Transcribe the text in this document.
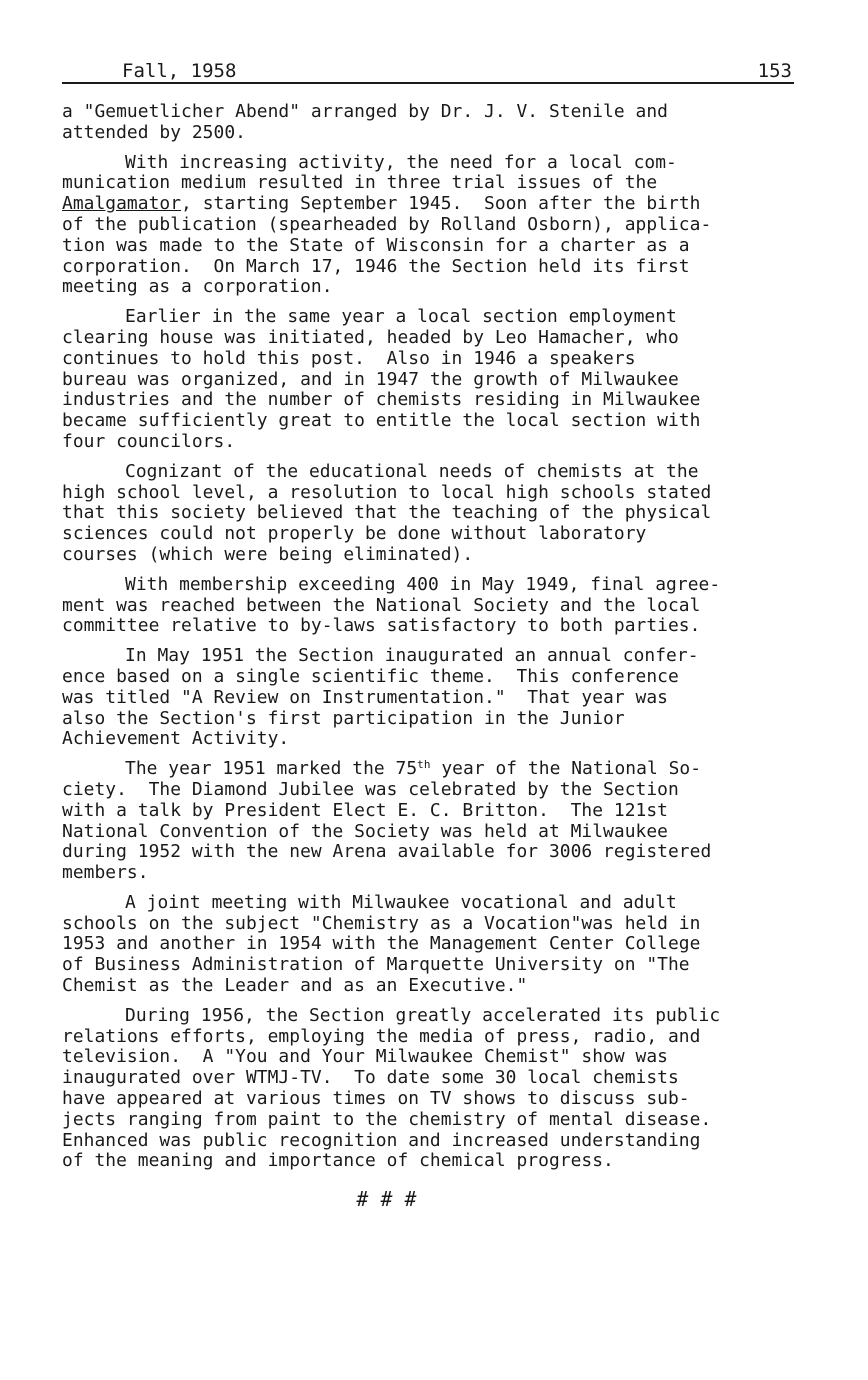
Fall, 1958	153
a "Gemuetlicher Abend" arranged by Dr. J. V. Stenile and
attended by 2500.
With increasing activity, the need for a local com-
munication medium resulted in three trial issues of the
Amalgamator, starting September 1945.  Soon after the birth
of the publication (spearheaded by Rolland Osborn), applica-
tion was made to the State of Wisconsin for a charter as a
corporation.  On March 17, 1946 the Section held its first
meeting as a corporation.
Earlier in the same year a local section employment
clearing house was initiated, headed by Leo Hamacher, who
continues to hold this post.  Also in 1946 a speakers
bureau was organized, and in 1947 the growth of Milwaukee
industries and the number of chemists residing in Milwaukee
became sufficiently great to entitle the local section with
four councilors.
Cognizant of the educational needs of chemists at the
high school level, a resolution to local high schools stated
that this society believed that the teaching of the physical
sciences could not properly be done without laboratory
courses (which were being eliminated).
With membership exceeding 400 in May 1949, final agree-
ment was reached between the National Society and the local
committee relative to by-laws satisfactory to both parties.
In May 1951 the Section inaugurated an annual confer-
ence based on a single scientific theme.  This conference
was titled "A Review on Instrumentation."  That year was
also the Section's first participation in the Junior
Achievement Activity.
The year 1951 marked the 75th year of the National So-
ciety.  The Diamond Jubilee was celebrated by the Section
with a talk by President Elect E. C. Britton.  The 121st
National Convention of the Society was held at Milwaukee
during 1952 with the new Arena available for 3006 registered
members.
A joint meeting with Milwaukee vocational and adult
schools on the subject "Chemistry as a Vocation"was held in
1953 and another in 1954 with the Management Center College
of Business Administration of Marquette University on "The
Chemist as the Leader and as an Executive."
During 1956, the Section greatly accelerated its public
relations efforts, employing the media of press, radio, and
television.  A "You and Your Milwaukee Chemist" show was
inaugurated over WTMJ-TV.  To date some 30 local chemists
have appeared at various times on TV shows to discuss sub-
jects ranging from paint to the chemistry of mental disease.
Enhanced was public recognition and increased understanding
of the meaning and importance of chemical progress.
# # #
